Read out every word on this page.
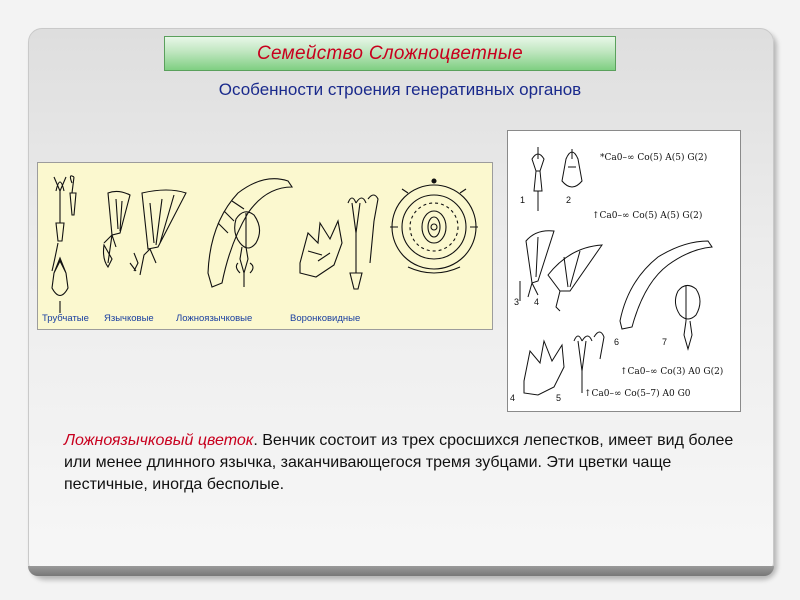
Семейство Сложноцветные
Особенности строения генеративных органов
Трубчатые Язычковые Ложноязычковые	Воронковидные
1	2
3 4
6	7
4	5
*Ca0–∞ Co(5) A(5) G(2)
↑Ca0–∞ Co(5) A(5) G(2)
↑Ca0–∞ Co(3) A0 G(2)
↑Ca0–∞ Co(5–7) A0 G0
Ложноязычковый цветок. Венчик состоит из трех сросшихся лепестков, имеет вид более или менее длинного язычка, заканчивающегося тремя зубцами. Эти цветки чаще пестичные, иногда бесполые.
